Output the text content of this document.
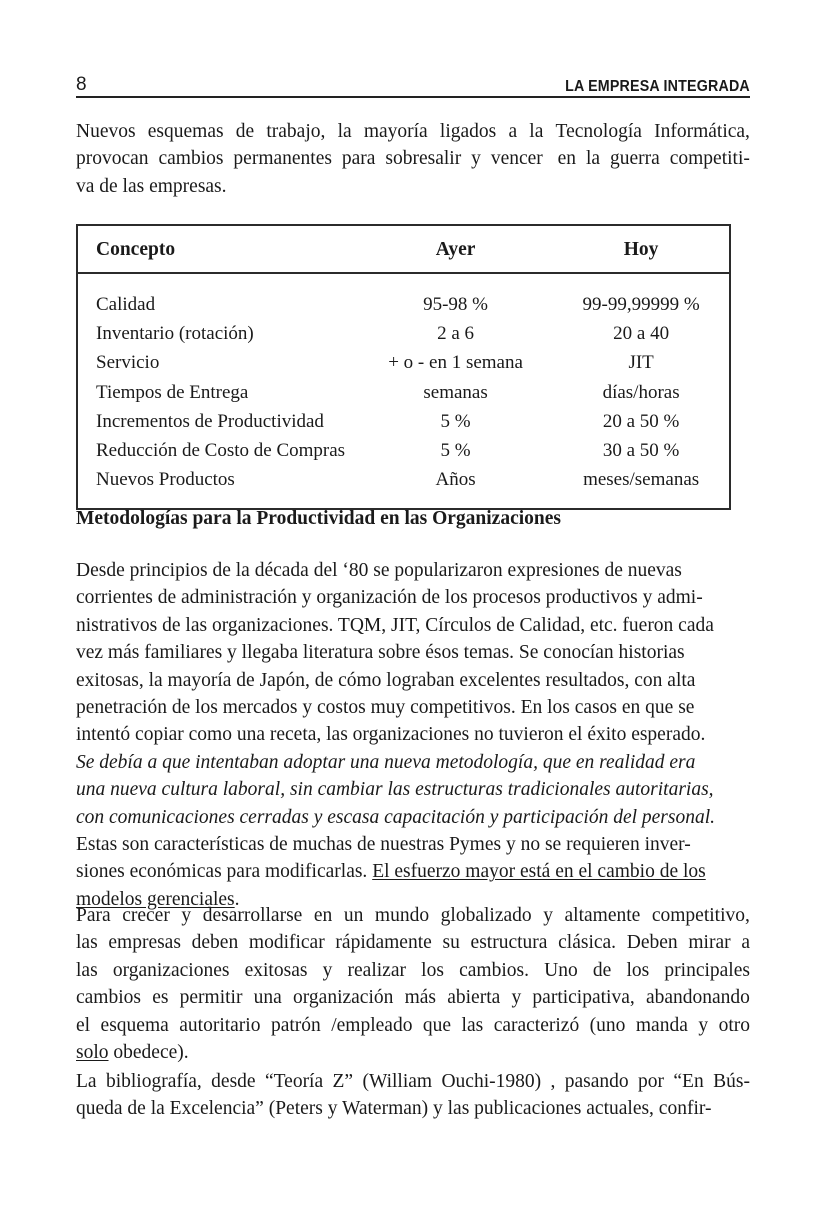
8	LA EMPRESA INTEGRADA
Nuevos esquemas de trabajo, la mayoría ligados a la Tecnología Informática,
provocan cambios permanentes para sobresalir y vencer en la guerra competiti-
va de las empresas.
Concepto	Ayer	Hoy
Calidad	95-98 %	99-99,99999 %
Inventario (rotación)	2 a 6	20 a 40
Servicio	+ o - en 1 semana	JIT
Tiempos de Entrega	semanas	días/horas
Incrementos de Productividad	5 %	20 a 50 %
Reducción de Costo de Compras	5 %	30 a 50 %
Nuevos Productos	Años	meses/semanas
Metodologías para la Productividad en las Organizaciones
Desde principios de la década del ‘80 se popularizaron expresiones de nuevas
corrientes de administración y organización de los procesos productivos y admi-
nistrativos de las organizaciones. TQM, JIT, Círculos de Calidad, etc. fueron cada
vez más familiares y llegaba literatura sobre ésos temas. Se conocían historias
exitosas, la mayoría de Japón, de cómo lograban excelentes resultados, con alta
penetración de los mercados y costos muy competitivos. En los casos en que se
intentó copiar como una receta, las organizaciones no tuvieron el éxito esperado.
Se debía a que intentaban adoptar una nueva metodología, que en realidad era
una nueva cultura laboral, sin cambiar las estructuras tradicionales autoritarias,
con comunicaciones cerradas y escasa capacitación y participación del personal.
Estas son características de muchas de nuestras Pymes y no se requieren inver-
siones económicas para modificarlas. El esfuerzo mayor está en el cambio de los
modelos gerenciales.
Para crecer y desarrollarse en un mundo globalizado y altamente competitivo,
las empresas deben modificar rápidamente su estructura clásica. Deben mirar a
las organizaciones exitosas y realizar los cambios. Uno de los principales
cambios es permitir una organización más abierta y participativa, abandonando
el esquema autoritario patrón /empleado que las caracterizó (uno manda y otro
solo obedece).
La bibliografía, desde “Teoría Z” (William Ouchi-1980) , pasando por “En Bús-
queda de la Excelencia” (Peters y Waterman) y las publicaciones actuales, confir-
